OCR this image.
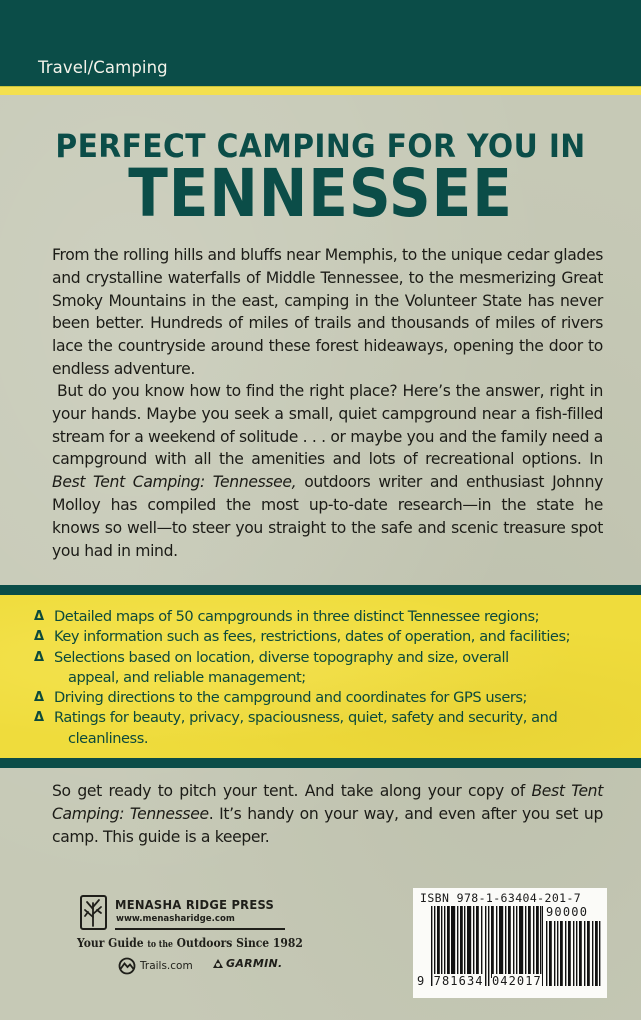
Travel/Camping
PERFECT CAMPING FOR YOU IN
TENNESSEE

From the rolling hills and bluffs near Memphis, to the unique cedar glades and crystalline waterfalls of Middle Tennessee, to the mesmerizing Great Smoky Mountains in the east, camping in the Volunteer State has never been better. Hundreds of miles of trails and thousands of miles of rivers lace the countryside around these forest hideaways, opening the door to endless adventure.

But do you know how to find the right place? Here’s the answer, right in your hands. Maybe you seek a small, quiet campground near a fish-filled stream for a weekend of solitude . . . or maybe you and the family need a campground with all the amenities and lots of recreational options. In Best Tent Camping: Tennessee, outdoors writer and enthusiast Johnny Molloy has compiled the most up-to-date research—in the state he knows so well—to steer you straight to the safe and scenic treasure spot you had in mind.

Δ Detailed maps of 50 campgrounds in three distinct Tennessee regions;
Δ Key information such as fees, restrictions, dates of operation, and facilities;
Δ Selections based on location, diverse topography and size, overall
appeal, and reliable management;
Δ Driving directions to the campground and coordinates for GPS users;
Δ Ratings for beauty, privacy, spaciousness, quiet, safety and security, and
cleanliness.

So get ready to pitch your tent. And take along your copy of Best Tent Camping: Tennessee. It’s handy on your way, and even after you set up camp. This guide is a keeper.

MENASHA RIDGE PRESS
www.menasharidge.com
Your Guide to the Outdoors Since 1982
Trails.com	GARMIN.
ISBN 978-1-63404-201-7
90000
9 781634 042017
